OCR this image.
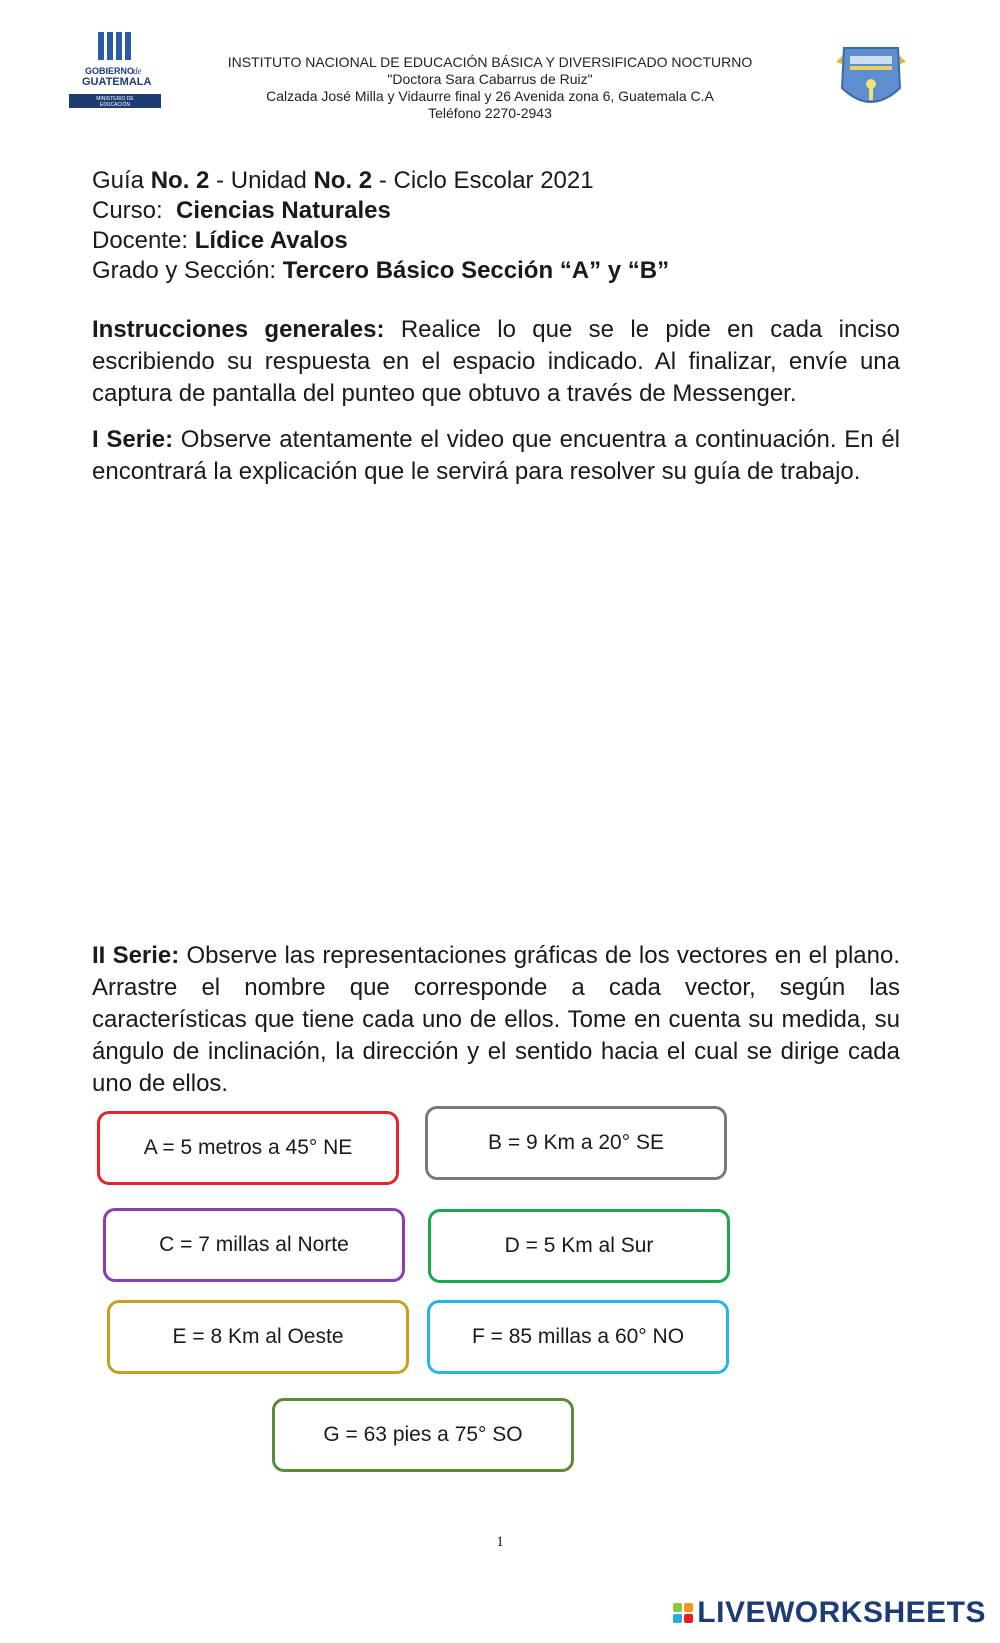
GOBIERNO
de
GUATEMALA
MINISTERIO DE
EDUCACIÓN
INSTITUTO NACIONAL DE EDUCACIÓN BÁSICA Y DIVERSIFICADO NOCTURNO
"Doctora Sara Cabarrus de Ruiz"
Calzada José Milla y Vidaurre final y 26 Avenida zona 6, Guatemala C.A
Teléfono 2270-2943
Guía No. 2 - Unidad No. 2 - Ciclo Escolar 2021
Curso: Ciencias Naturales
Docente: Lídice Avalos
Grado y Sección: Tercero Básico Sección “A” y “B”
Instrucciones generales: Realice lo que se le pide en cada inciso escribiendo su respuesta en el espacio indicado. Al finalizar, envíe una captura de pantalla del punteo que obtuvo a través de Messenger.
I Serie: Observe atentamente el video que encuentra a continuación. En él encontrará la explicación que le servirá para resolver su guía de trabajo.
II Serie: Observe las representaciones gráficas de los vectores en el plano. Arrastre el nombre que corresponde a cada vector, según las características que tiene cada uno de ellos. Tome en cuenta su medida, su ángulo de inclinación, la dirección y el sentido hacia el cual se dirige cada uno de ellos.
A = 5 metros a 45° NE	B = 9 Km a 20° SE
C = 7 millas al Norte	D = 5 Km al Sur
E = 8 Km al Oeste	F = 85 millas a 60° NO
G = 63 pies a 75° SO
1
LIVEWORKSHEETS
